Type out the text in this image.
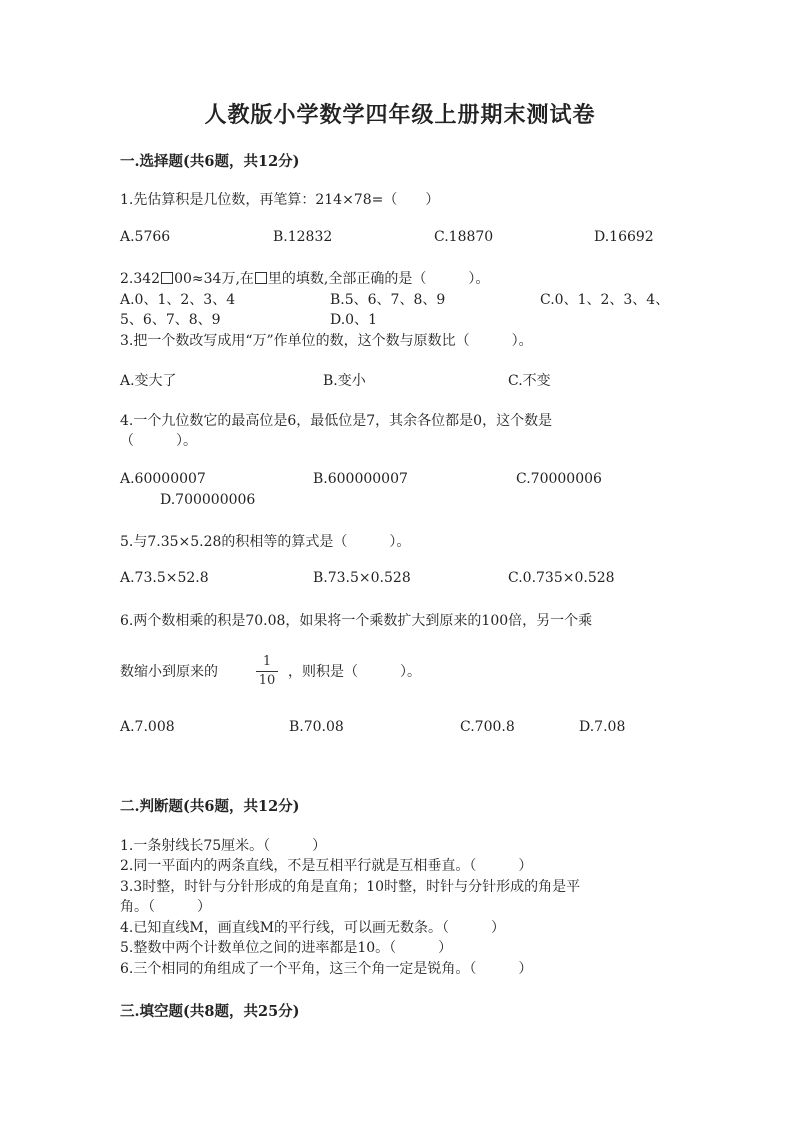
人教版小学数学四年级上册期末测试卷
一.选择题(共6题，共12分)
1.先估算积是几位数，再笔算：214×78=（　　）
A.5766	B.12832	C.18870	D.16692
2.342 00≈34万,在 里的填数,全部正确的是（　　　）。
A.0、1、2、3、4	B.5、6、7、8、9	C.0、1、2、3、4、
5、6、7、8、9	D.0、1
3.把一个数改写成用“万”作单位的数，这个数与原数比（　　　）。
A.变大了	B.变小	C.不变
4.一个九位数它的最高位是6，最低位是7，其余各位都是0，这个数是
（　　　）。
A.60000007	B.600000007	C.70000006
D.700000006
5.与7.35×5.28的积相等的算式是（　　　）。
A.73.5×52.8	B.73.5×0.528	C.0.735×0.528
6.两个数相乘的积是70.08，如果将一个乘数扩大到原来的100倍，另一个乘
数缩小到原来的
1
10
，则积是（　　　）。
A.7.008	B.70.08	C.700.8	D.7.08
二.判断题(共6题，共12分)
1.一条射线长75厘米。（　　　）
2.同一平面内的两条直线，不是互相平行就是互相垂直。（　　　）
3.3时整，时针与分针形成的角是直角；10时整，时针与分针形成的角是平
角。（　　　）
4.已知直线M，画直线M的平行线，可以画无数条。（　　　）
5.整数中两个计数单位之间的进率都是10。（　　　）
6.三个相同的角组成了一个平角，这三个角一定是锐角。（　　　）
三.填空题(共8题，共25分)
